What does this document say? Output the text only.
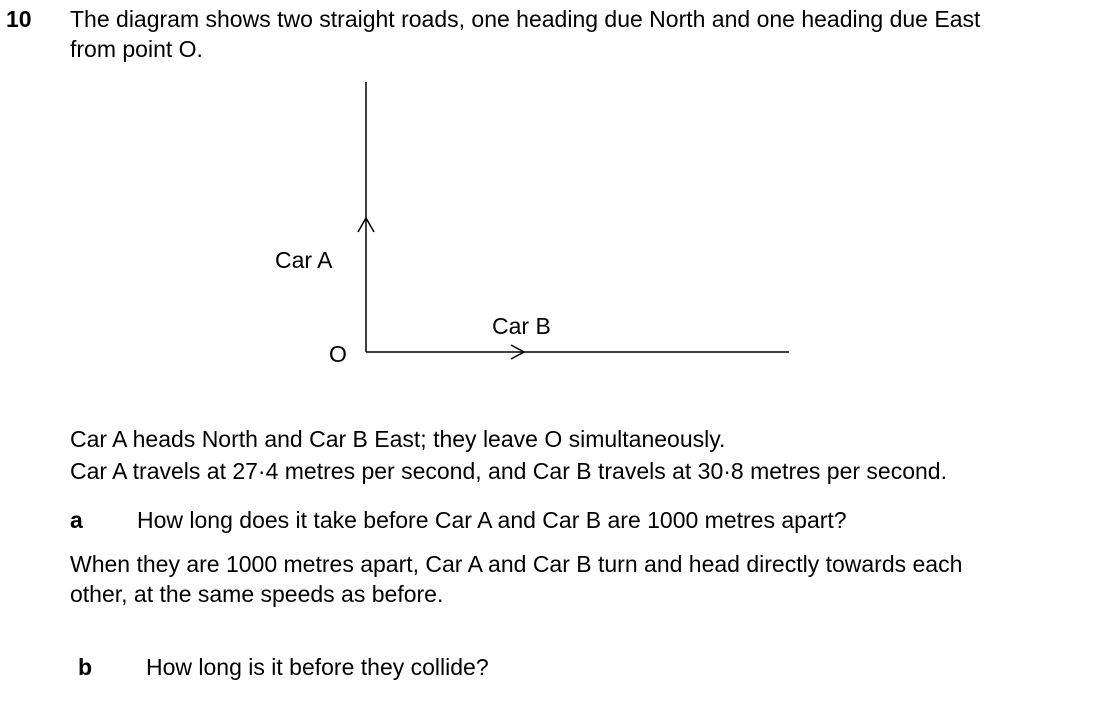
10 The diagram shows two straight roads, one heading due North and one heading due East
from point O.
Car A
Car B
O
Car A heads North and Car B East; they leave O simultaneously.
Car A travels at 27·4 metres per second, and Car B travels at 30·8 metres per second.
a How long does it take before Car A and Car B are 1000 metres apart?
When they are 1000 metres apart, Car A and Car B turn and head directly towards each
other, at the same speeds as before.
b How long is it before they collide?
